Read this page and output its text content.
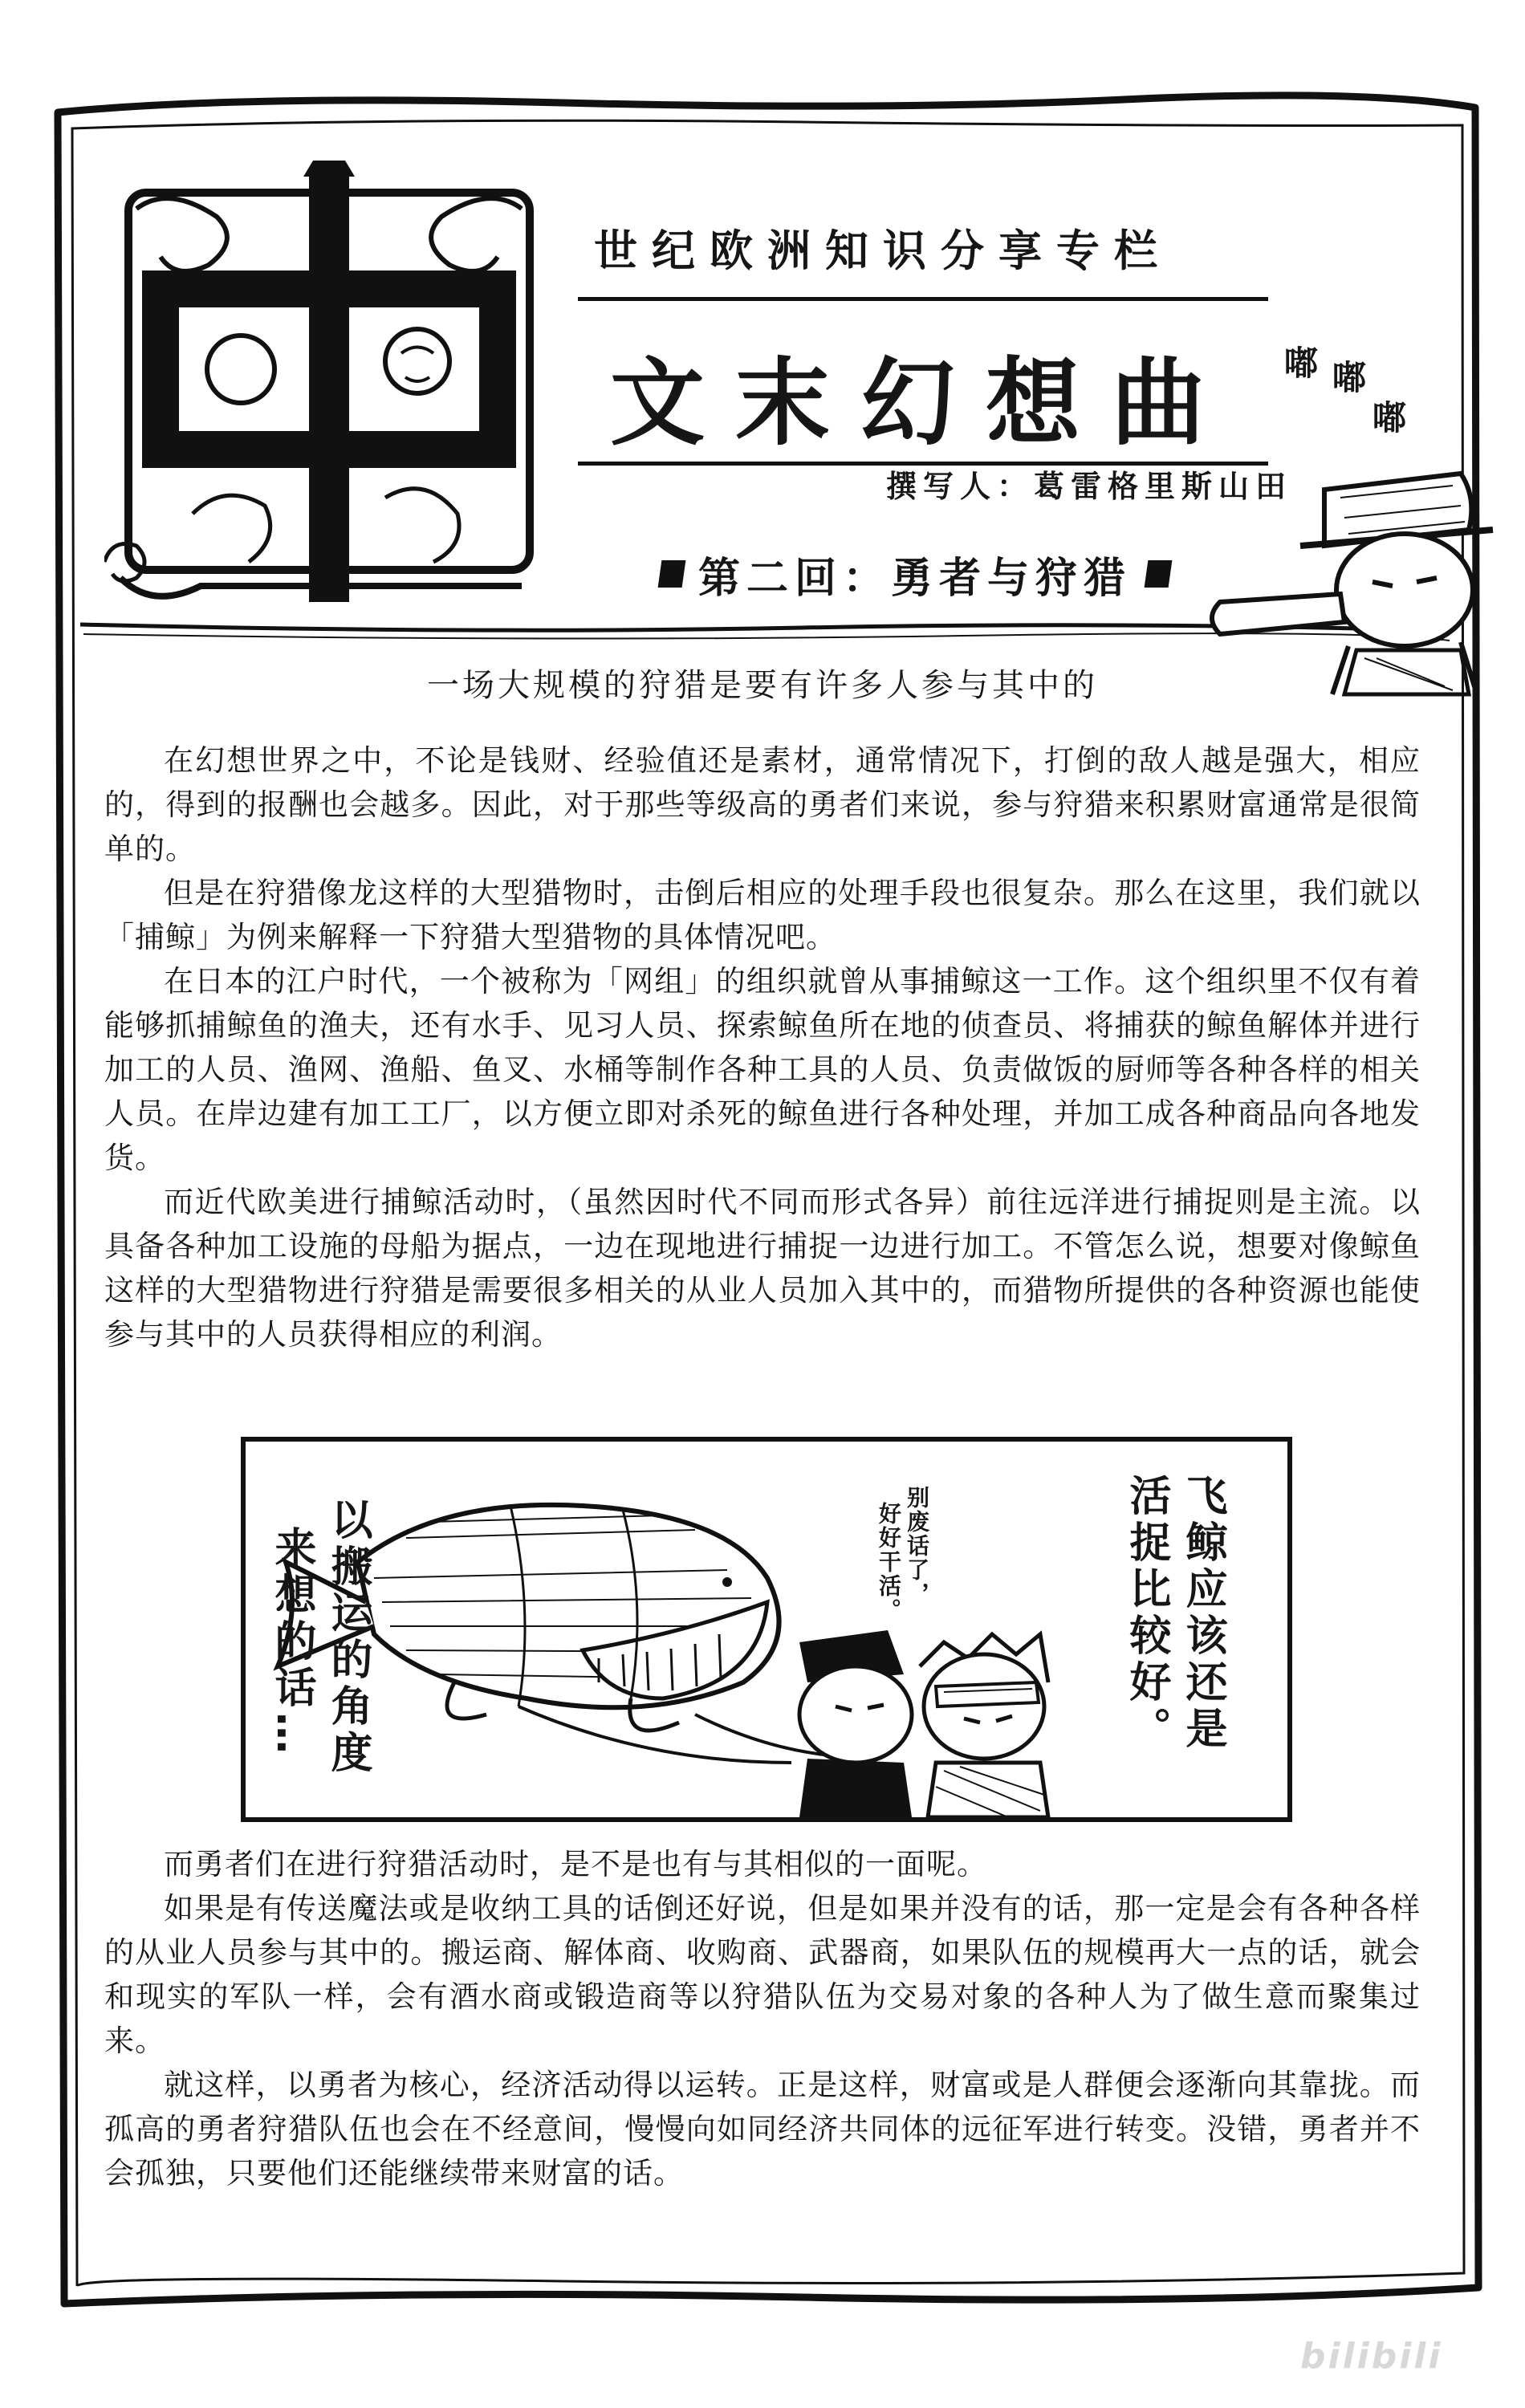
世纪欧洲知识分享专栏
文末幻想曲
撰写人：葛雷格里斯山田
第二回：勇者与狩猎
嘟 嘟
嘟
一场大规模的狩猎是要有许多人参与其中的

在幻想世界之中，不论是钱财、经验值还是素材，通常情况下，打倒的敌人越是强大，相应的，得到的报酬也会越多。因此，对于那些等级高的勇者们来说，参与狩猎来积累财富通常是很简单的。

但是在狩猎像龙这样的大型猎物时，击倒后相应的处理手段也很复杂。那么在这里，我们就以「捕鲸」为例来解释一下狩猎大型猎物的具体情况吧。

在日本的江户时代，一个被称为「网组」的组织就曾从事捕鲸这一工作。这个组织里不仅有着能够抓捕鲸鱼的渔夫，还有水手、见习人员、探索鲸鱼所在地的侦查员、将捕获的鲸鱼解体并进行加工的人员、渔网、渔船、鱼叉、水桶等制作各种工具的人员、负责做饭的厨师等各种各样的相关人员。在岸边建有加工工厂，以方便立即对杀死的鲸鱼进行各种处理，并加工成各种商品向各地发货。

而近代欧美进行捕鲸活动时，（虽然因时代不同而形式各异）前往远洋进行捕捉则是主流。以具备各种加工设施的母船为据点，一边在现地进行捕捉一边进行加工。不管怎么说，想要对像鲸鱼这样的大型猎物进行狩猎是需要很多相关的从业人员加入其中的，而猎物所提供的各种资源也能使参与其中的人员获得相应的利润。

以搬运的角度
来想的话…	别废话了，
好好干活。	飞鲸应该还是
活捉比较好。

而勇者们在进行狩猎活动时，是不是也有与其相似的一面呢。

如果是有传送魔法或是收纳工具的话倒还好说，但是如果并没有的话，那一定是会有各种各样的从业人员参与其中的。搬运商、解体商、收购商、武器商，如果队伍的规模再大一点的话，就会和现实的军队一样，会有酒水商或锻造商等以狩猎队伍为交易对象的各种人为了做生意而聚集过来。

就这样，以勇者为核心，经济活动得以运转。正是这样，财富或是人群便会逐渐向其靠拢。而孤高的勇者狩猎队伍也会在不经意间，慢慢向如同经济共同体的远征军进行转变。没错，勇者并不会孤独，只要他们还能继续带来财富的话。

bilibili
